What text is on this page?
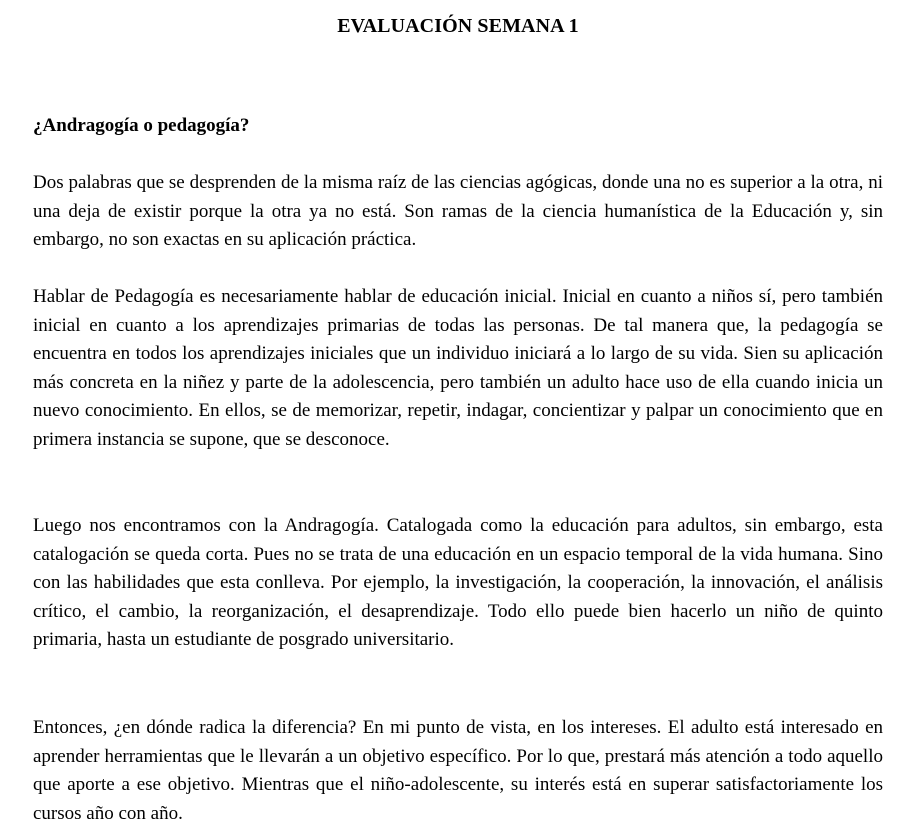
EVALUACIÓN SEMANA 1
¿Andragogía o pedagogía?

Dos palabras que se desprenden de la misma raíz de las ciencias agógicas, donde una no es superior a la otra, ni una deja de existir porque la otra ya no está. Son ramas de la ciencia humanística de la Educación y, sin embargo, no son exactas en su aplicación práctica.

Hablar de Pedagogía es necesariamente hablar de educación inicial. Inicial en cuanto a niños sí, pero también inicial en cuanto a los aprendizajes primarias de todas las personas. De tal manera que, la pedagogía se encuentra en todos los aprendizajes iniciales que un individuo iniciará a lo largo de su vida. Sien su aplicación más concreta en la niñez y parte de la adolescencia, pero también un adulto hace uso de ella cuando inicia un nuevo conocimiento. En ellos, se de memorizar, repetir, indagar, concientizar y palpar un conocimiento que en primera instancia se supone, que se desconoce.

Luego nos encontramos con la Andragogía. Catalogada como la educación para adultos, sin embargo, esta catalogación se queda corta. Pues no se trata de una educación en un espacio temporal de la vida humana. Sino con las habilidades que esta conlleva. Por ejemplo, la investigación, la cooperación, la innovación, el análisis crítico, el cambio, la reorganización, el desaprendizaje. Todo ello puede bien hacerlo un niño de quinto primaria, hasta un estudiante de posgrado universitario.

Entonces, ¿en dónde radica la diferencia? En mi punto de vista, en los intereses. El adulto está interesado en aprender herramientas que le llevarán a un objetivo específico. Por lo que, prestará más atención a todo aquello que aporte a ese objetivo. Mientras que el niño-adolescente, su interés está en superar satisfactoriamente los cursos año con año.
